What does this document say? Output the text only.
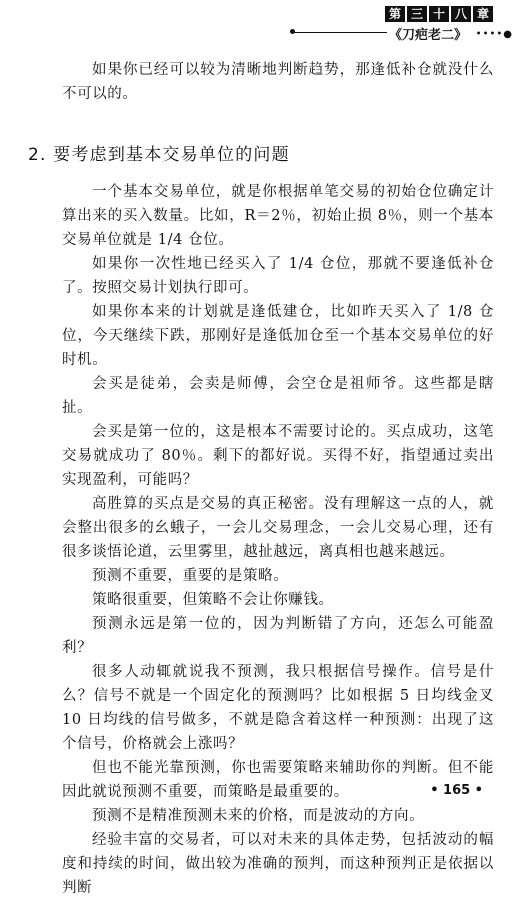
第 三 十 八 章
《刀疤老二》 ••••●

如果你已经可以较为清晰地判断趋势，那逢低补仓就没什么不可以的。

2. 要考虑到基本交易单位的问题

一个基本交易单位，就是你根据单笔交易的初始仓位确定计算出来的买入数量。比如，R＝2％，初始止损 8％，则一个基本交易单位就是 1/4 仓位。

如果你一次性地已经买入了 1/4 仓位，那就不要逢低补仓了。按照交易计划执行即可。

如果你本来的计划就是逢低建仓，比如昨天买入了 1/8 仓位，今天继续下跌，那刚好是逢低加仓至一个基本交易单位的好时机。

会买是徒弟，会卖是师傅，会空仓是祖师爷。这些都是瞎扯。

会买是第一位的，这是根本不需要讨论的。买点成功，这笔交易就成功了 80％。剩下的都好说。买得不好，指望通过卖出实现盈利，可能吗？

高胜算的买点是交易的真正秘密。没有理解这一点的人，就会整出很多的幺蛾子，一会儿交易理念，一会儿交易心理，还有很多谈悟论道，云里雾里，越扯越远，离真相也越来越远。

预测不重要，重要的是策略。

策略很重要，但策略不会让你赚钱。

预测永远是第一位的，因为判断错了方向，还怎么可能盈利？

很多人动辄就说我不预测，我只根据信号操作。信号是什么？信号不就是一个固定化的预测吗？比如根据 5 日均线金叉 10 日均线的信号做多，不就是隐含着这样一种预测：出现了这个信号，价格就会上涨吗？

但也不能光靠预测，你也需要策略来辅助你的判断。但不能因此就说预测不重要，而策略是最重要的。

预测不是精准预测未来的价格，而是波动的方向。

经验丰富的交易者，可以对未来的具体走势，包括波动的幅度和持续的时间，做出较为准确的预判，而这种预判正是依据以判断

• 165 •
